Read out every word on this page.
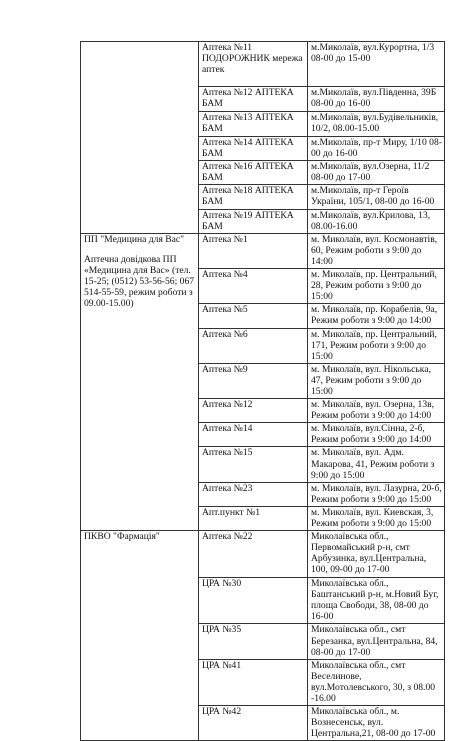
	Аптека №11 ПОДОРОЖНИК мережа аптек	м.Миколаїв, вул.Курортна, 1/3 08-00 до 15-00
	Аптека №12 АПТЕКА БАМ	м.Миколаїв, вул.Південна, 39Б 08-00 до 16-00
	Аптека №13 АПТЕКА БАМ	м.Миколаїв, вул.Будівельників, 10/2, 08.00-15.00
	Аптека №14 АПТЕКА БАМ	м.Миколаїв, пр-т Миру, 1/10 08-00 до 16-00
	Аптека №16 АПТЕКА БАМ	м.Миколаїв, вул.Озерна, 11/2 08-00 до 17-00
	Аптека №18 АПТЕКА БАМ	м.Миколаїв, пр-т Героїв України, 105/1, 08-00 до 16-00
	Аптека №19 АПТЕКА БАМ	м.Миколаїв, вул.Крилова, 13, 08.00-16.00

ПП "Медицина для Вас"
Аптечна довідкова ПП «Медицина для Вас» (тел. 15-25; (0512) 53-56-56; 067 514-55-59, режим роботи з 09.00-15.00)	Аптека №1	м. Миколаїв, вул. Космонавтів, 60, Режим роботи з 9:00 до 14:00
	Аптека №4	м. Миколаїв, пр. Центральний, 28, Режим роботи з 9:00 до 15:00
	Аптека №5	м. Миколаїв, пр. Корабелів, 9а, Режим роботи з 9:00 до 14:00
	Аптека №6	м. Миколаїв, пр. Центральний, 171, Режим роботи з 9:00 до 15:00
	Аптека №9	м. Миколаїв, вул. Нікольська, 47, Режим роботи з 9:00 до 15:00
	Аптека №12	м. Миколаїв, вул. Озерна, 13в, Режим роботи з 9:00 до 14:00
	Аптека №14	м. Миколаїв, вул.Сінна, 2-б, Режим роботи з 9:00 до 14:00
	Аптека №15	м. Миколаїв, вул. Адм. Макарова, 41, Режим роботи з 9:00 до 15:00
	Аптека №23	м. Миколаїв, вул. Лазурна, 20-б, Режим роботи з 9:00 до 15:00
	Апт.пункт №1	м. Миколаїв, вул. Киевская, 3, Режим роботи з 9:00 до 15:00

ПКВО "Фармація"	Аптека №22	Миколаївська обл., Первомайський р-н, смт Арбузинка, вул.Центральна, 100, 09-00 до 17-00
	ЦРА №30	Миколаївська обл., Баштанський р-н, м.Новий Буг, площа Свободи, 38, 08-00 до 16-00
	ЦРА №35	Миколаївська обл., смт Березанка, вул.Центральна, 84, 08-00 до 17-00
	ЦРА №41	Миколаївська обл., смт Веселинове, вул.Мотолевського, 30, з 08.00 -16.00
	ЦРА №42	Миколаївська обл., м. Вознесенськ, вул. Центральна,21, 08-00 до 17-00
